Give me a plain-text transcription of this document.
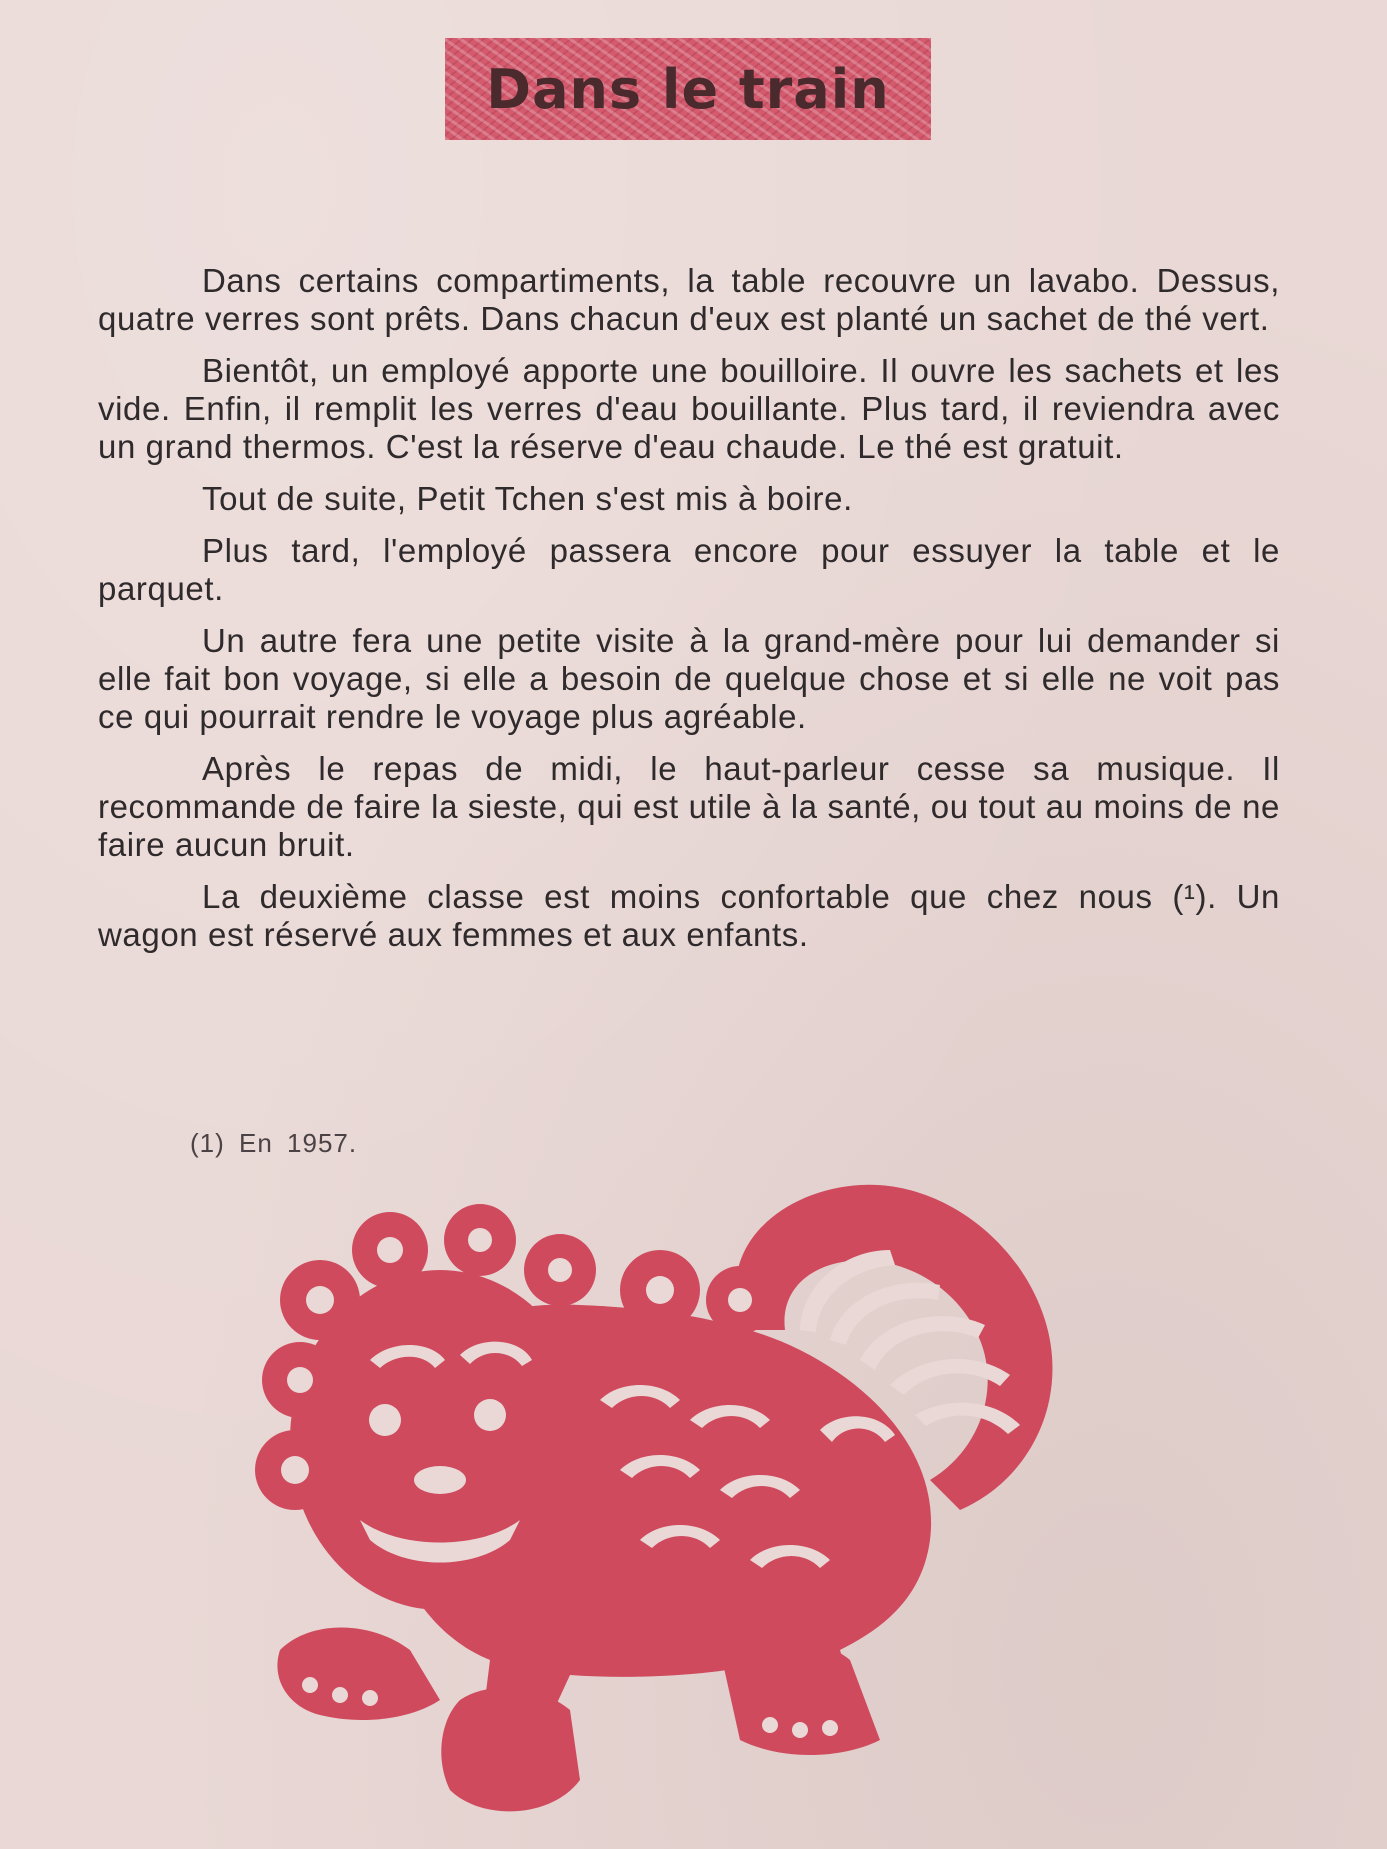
Dans le train

Dans certains compartiments, la table recouvre un lavabo. Dessus, quatre verres sont prêts. Dans chacun d'eux est planté un sachet de thé vert.

Bientôt, un employé apporte une bouilloire. Il ouvre les sachets et les vide. Enfin, il remplit les verres d'eau bouillante. Plus tard, il reviendra avec un grand thermos. C'est la réserve d'eau chaude. Le thé est gratuit.

Tout de suite, Petit Tchen s'est mis à boire.

Plus tard, l'employé passera encore pour essuyer la table et le parquet.

Un autre fera une petite visite à la grand-mère pour lui demander si elle fait bon voyage, si elle a besoin de quelque chose et si elle ne voit pas ce qui pourrait rendre le voyage plus agréable.

Après le repas de midi, le haut-parleur cesse sa musique. Il recommande de faire la sieste, qui est utile à la santé, ou tout au moins de ne faire aucun bruit.

La deuxième classe est moins confortable que chez nous (¹). Un wagon est réservé aux femmes et aux enfants.

(1) En 1957.
